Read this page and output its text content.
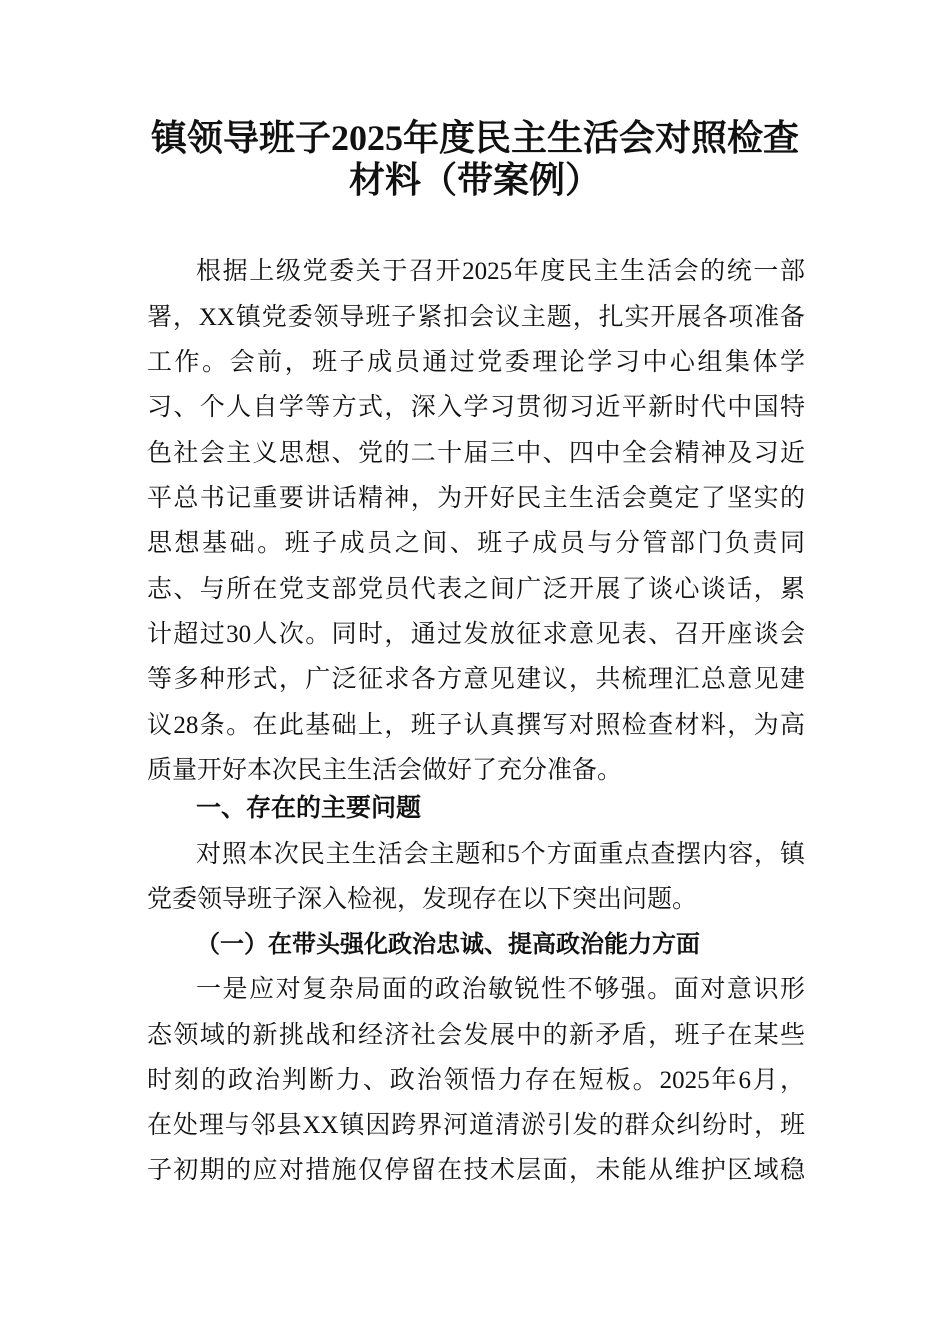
镇领导班子2025年度民主生活会对照检查
材料（带案例）
根据上级党委关于召开2025年度民主生活会的统一部
署，XX镇党委领导班子紧扣会议主题，扎实开展各项准备
工作。会前，班子成员通过党委理论学习中心组集体学
习、个人自学等方式，深入学习贯彻习近平新时代中国特
色社会主义思想、党的二十届三中、四中全会精神及习近
平总书记重要讲话精神，为开好民主生活会奠定了坚实的
思想基础。班子成员之间、班子成员与分管部门负责同
志、与所在党支部党员代表之间广泛开展了谈心谈话，累
计超过30人次。同时，通过发放征求意见表、召开座谈会
等多种形式，广泛征求各方意见建议，共梳理汇总意见建
议28条。在此基础上，班子认真撰写对照检查材料，为高
质量开好本次民主生活会做好了充分准备。
一、存在的主要问题
对照本次民主生活会主题和5个方面重点查摆内容，镇
党委领导班子深入检视，发现存在以下突出问题。
（一）在带头强化政治忠诚、提高政治能力方面
一是应对复杂局面的政治敏锐性不够强。面对意识形
态领域的新挑战和经济社会发展中的新矛盾，班子在某些
时刻的政治判断力、政治领悟力存在短板。2025年6月，
在处理与邻县XX镇因跨界河道清淤引发的群众纠纷时，班
子初期的应对措施仅停留在技术层面，未能从维护区域稳
